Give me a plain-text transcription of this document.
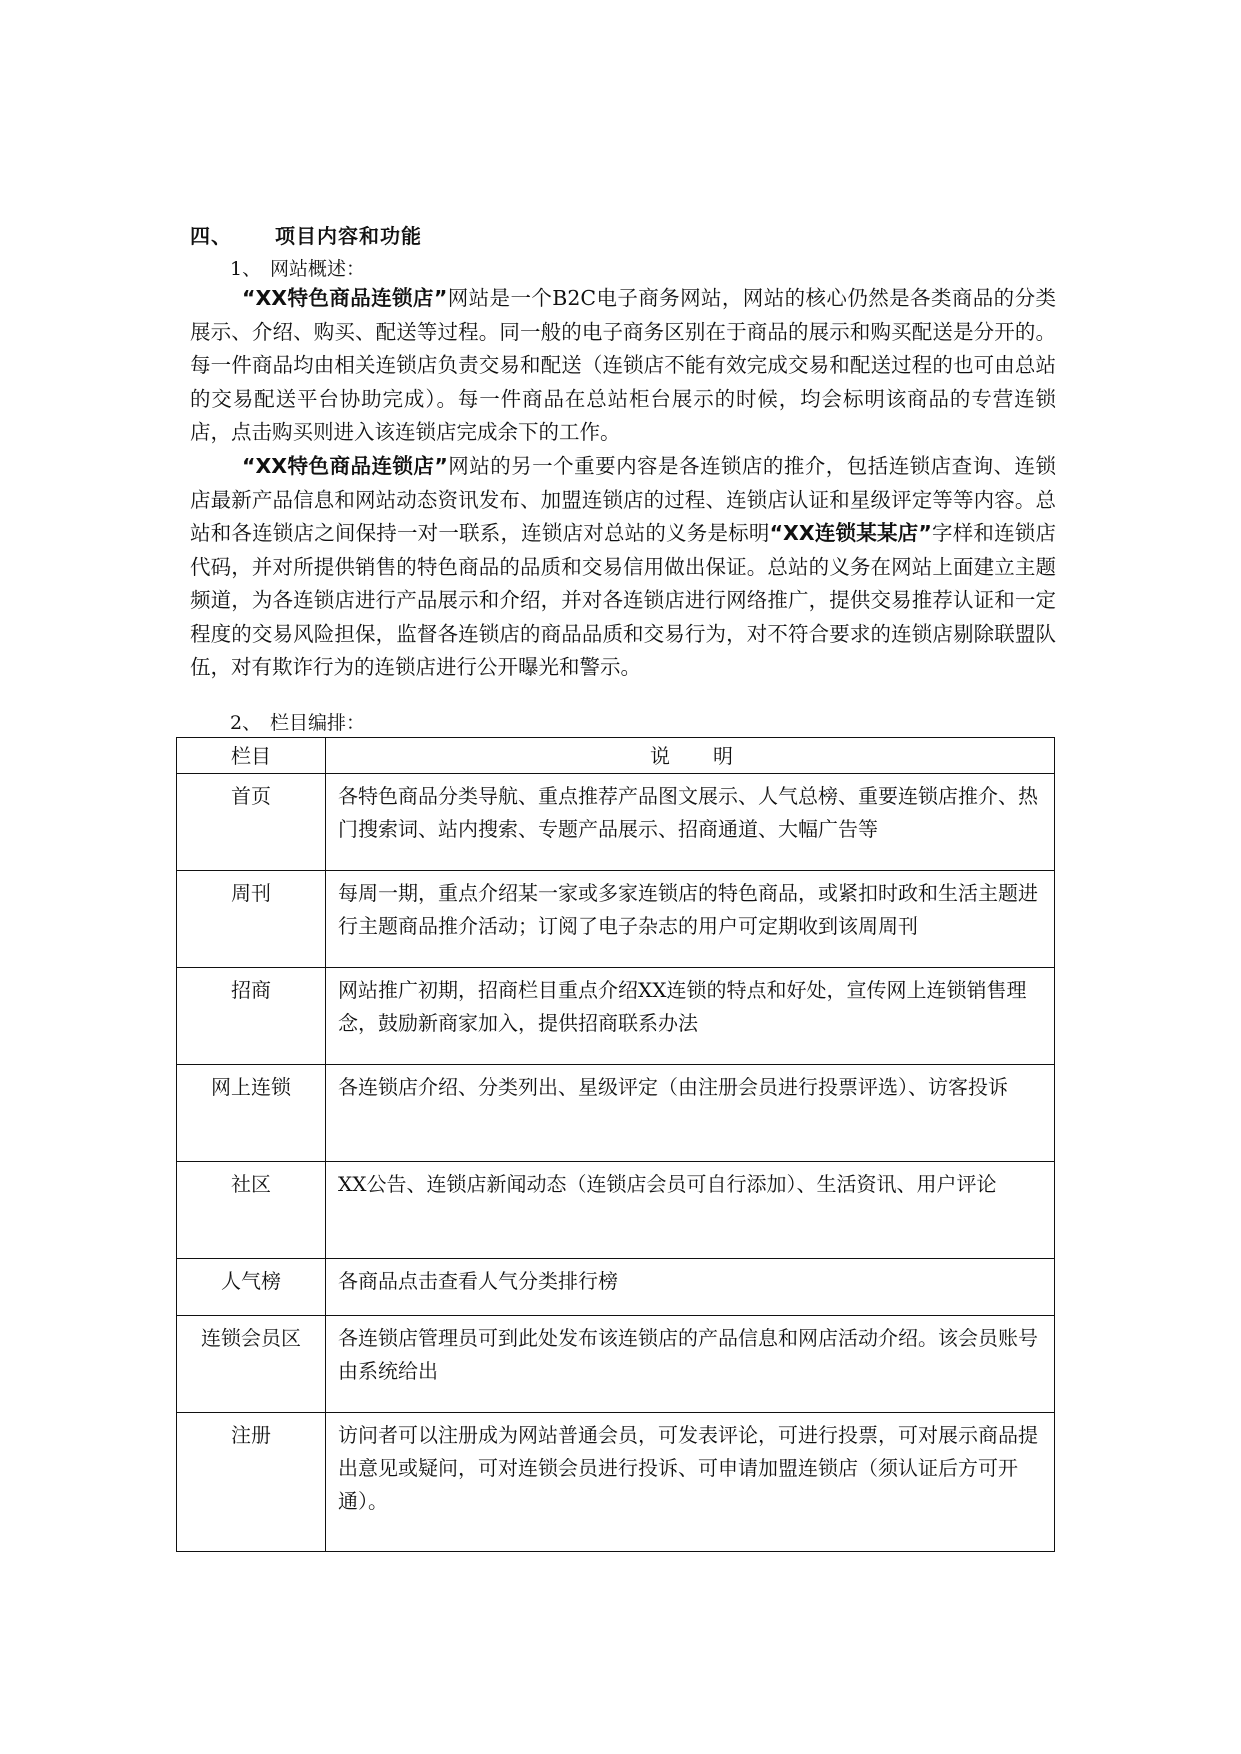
四、 项目内容和功能
1、 网站概述：

“XX特色商品连锁店”网站是一个B2C电子商务网站，网站的核心仍然是各类商品的分类展示、介绍、购买、配送等过程。同一般的电子商务区别在于商品的展示和购买配送是分开的。每一件商品均由相关连锁店负责交易和配送（连锁店不能有效完成交易和配送过程的也可由总站的交易配送平台协助完成）。每一件商品在总站柜台展示的时候，均会标明该商品的专营连锁店，点击购买则进入该连锁店完成余下的工作。

“XX特色商品连锁店”网站的另一个重要内容是各连锁店的推介，包括连锁店查询、连锁店最新产品信息和网站动态资讯发布、加盟连锁店的过程、连锁店认证和星级评定等等内容。总站和各连锁店之间保持一对一联系，连锁店对总站的义务是标明“XX连锁某某店”字样和连锁店代码，并对所提供销售的特色商品的品质和交易信用做出保证。总站的义务在网站上面建立主题频道，为各连锁店进行产品展示和介绍，并对各连锁店进行网络推广，提供交易推荐认证和一定程度的交易风险担保，监督各连锁店的商品品质和交易行为，对不符合要求的连锁店剔除联盟队伍，对有欺诈行为的连锁店进行公开曝光和警示。

2、 栏目编排：
栏目	说　　明
首页	各特色商品分类导航、重点推荐产品图文展示、人气总榜、重要连锁店推介、热门搜索词、站内搜索、专题产品展示、招商通道、大幅广告等
周刊	每周一期，重点介绍某一家或多家连锁店的特色商品，或紧扣时政和生活主题进行主题商品推介活动；订阅了电子杂志的用户可定期收到该周周刊
招商	网站推广初期，招商栏目重点介绍XX连锁的特点和好处，宣传网上连锁销售理念，鼓励新商家加入，提供招商联系办法
网上连锁	各连锁店介绍、分类列出、星级评定（由注册会员进行投票评选）、访客投诉
社区	XX公告、连锁店新闻动态（连锁店会员可自行添加）、生活资讯、用户评论
人气榜	各商品点击查看人气分类排行榜
连锁会员区	各连锁店管理员可到此处发布该连锁店的产品信息和网店活动介绍。该会员账号由系统给出
注册	访问者可以注册成为网站普通会员，可发表评论，可进行投票，可对展示商品提出意见或疑问，可对连锁会员进行投诉、可申请加盟连锁店（须认证后方可开通）。
